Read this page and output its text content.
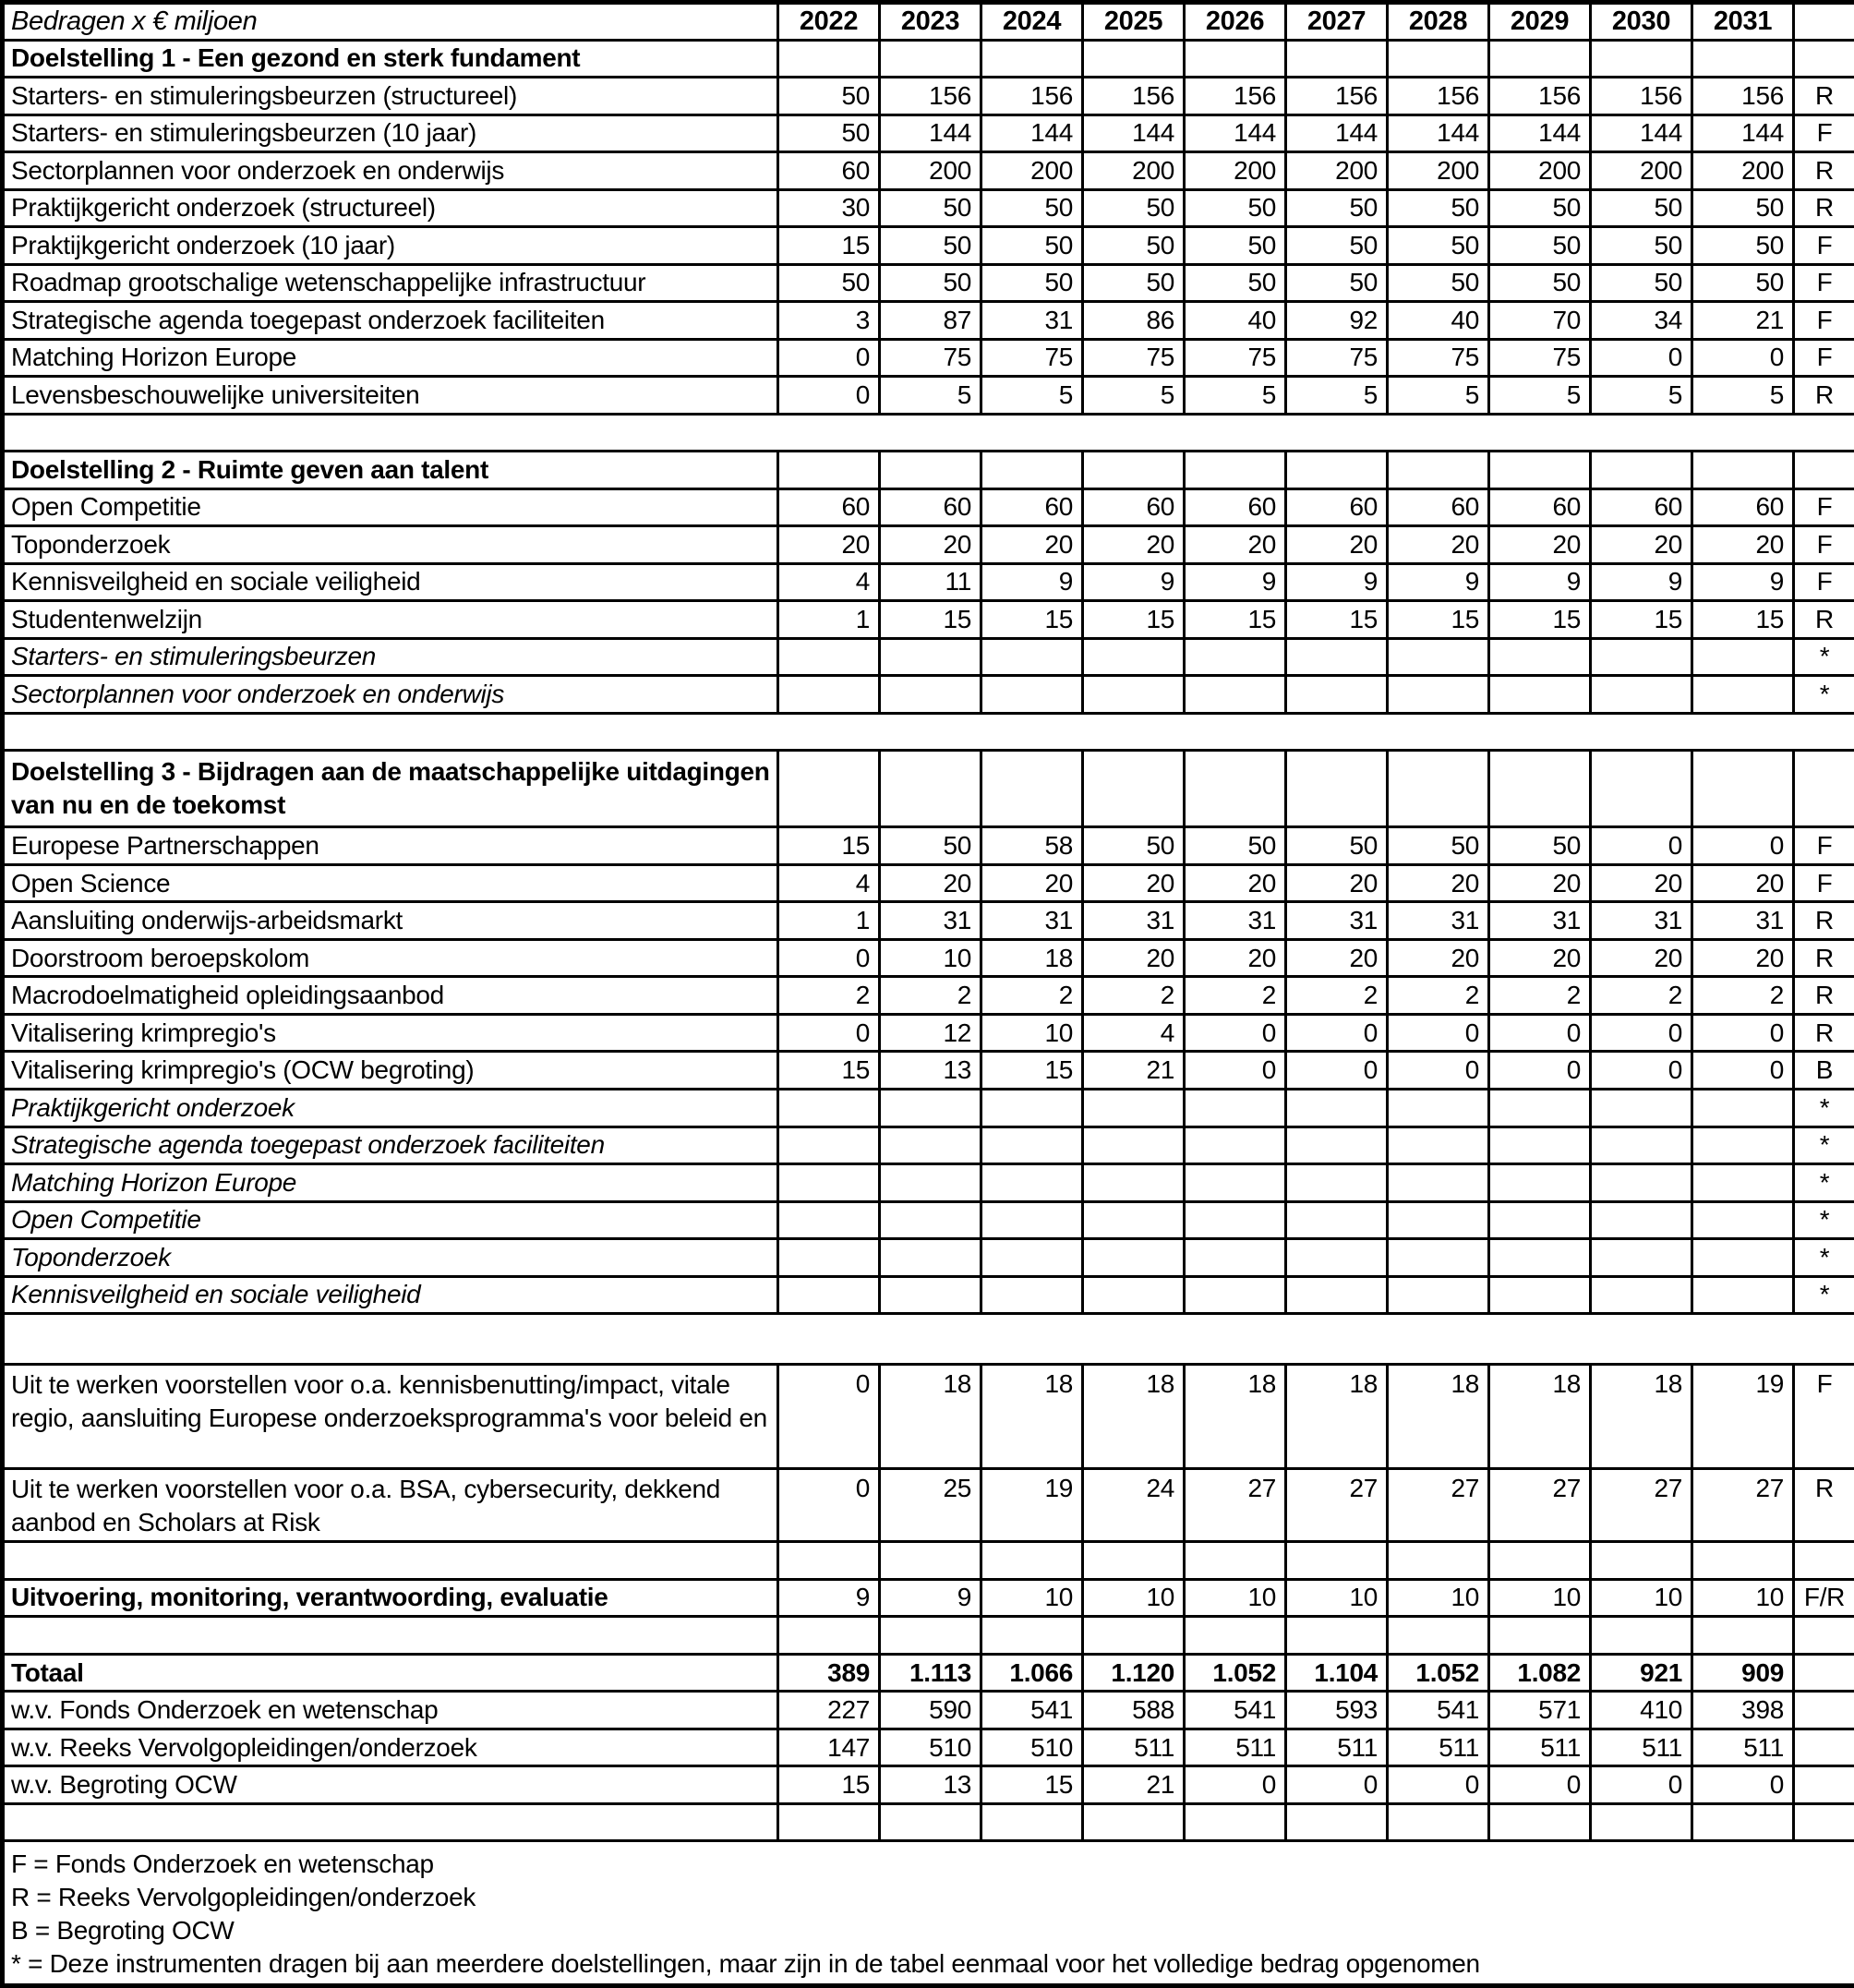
Bedragen x € miljoen	2022	2023	2024	2025	2026	2027	2028	2029	2030	2031	
Doelstelling 1 - Een gezond en sterk fundament											
Starters- en stimuleringsbeurzen (structureel)	50	156	156	156	156	156	156	156	156	156	R
Starters- en stimuleringsbeurzen (10 jaar)	50	144	144	144	144	144	144	144	144	144	F
Sectorplannen voor onderzoek en onderwijs	60	200	200	200	200	200	200	200	200	200	R
Praktijkgericht onderzoek (structureel)	30	50	50	50	50	50	50	50	50	50	R
Praktijkgericht onderzoek (10 jaar)	15	50	50	50	50	50	50	50	50	50	F
Roadmap grootschalige wetenschappelijke infrastructuur	50	50	50	50	50	50	50	50	50	50	F
Strategische agenda toegepast onderzoek faciliteiten	3	87	31	86	40	92	40	70	34	21	F
Matching Horizon Europe	0	75	75	75	75	75	75	75	0	0	F
Levensbeschouwelijke universiteiten	0	5	5	5	5	5	5	5	5	5	R

Doelstelling 2 - Ruimte geven aan talent											
Open Competitie	60	60	60	60	60	60	60	60	60	60	F
Toponderzoek	20	20	20	20	20	20	20	20	20	20	F
Kennisveilgheid en sociale veiligheid	4	11	9	9	9	9	9	9	9	9	F
Studentenwelzijn	1	15	15	15	15	15	15	15	15	15	R
Starters- en stimuleringsbeurzen											*
Sectorplannen voor onderzoek en onderwijs											*

Doelstelling 3 - Bijdragen aan de maatschappelijke uitdagingen van nu en de toekomst											
Europese Partnerschappen	15	50	58	50	50	50	50	50	0	0	F
Open Science	4	20	20	20	20	20	20	20	20	20	F
Aansluiting onderwijs-arbeidsmarkt	1	31	31	31	31	31	31	31	31	31	R
Doorstroom beroepskolom	0	10	18	20	20	20	20	20	20	20	R
Macrodoelmatigheid opleidingsaanbod	2	2	2	2	2	2	2	2	2	2	R
Vitalisering krimpregio's	0	12	10	4	0	0	0	0	0	0	R
Vitalisering krimpregio's (OCW begroting)	15	13	15	21	0	0	0	0	0	0	B
Praktijkgericht onderzoek											*
Strategische agenda toegepast onderzoek faciliteiten											*
Matching Horizon Europe											*
Open Competitie											*
Toponderzoek											*
Kennisveilgheid en sociale veiligheid											*

Uit te werken voorstellen voor o.a. kennisbenutting/impact, vitale regio, aansluiting Europese onderzoeksprogramma's voor beleid en	0	18	18	18	18	18	18	18	18	19	F
Uit te werken voorstellen voor o.a. BSA, cybersecurity, dekkend aanbod en Scholars at Risk	0	25	19	24	27	27	27	27	27	27	R

Uitvoering, monitoring, verantwoording, evaluatie	9	9	10	10	10	10	10	10	10	10	F/R

Totaal	389	1.113	1.066	1.120	1.052	1.104	1.052	1.082	921	909	
w.v. Fonds Onderzoek en wetenschap	227	590	541	588	541	593	541	571	410	398	
w.v. Reeks Vervolgopleidingen/onderzoek	147	510	510	511	511	511	511	511	511	511	
w.v. Begroting OCW	15	13	15	21	0	0	0	0	0	0	

F = Fonds Onderzoek en wetenschap
R = Reeks Vervolgopleidingen/onderzoek
B = Begroting OCW
* = Deze instrumenten dragen bij aan meerdere doelstellingen, maar zijn in de tabel eenmaal voor het volledige bedrag opgenomen											
